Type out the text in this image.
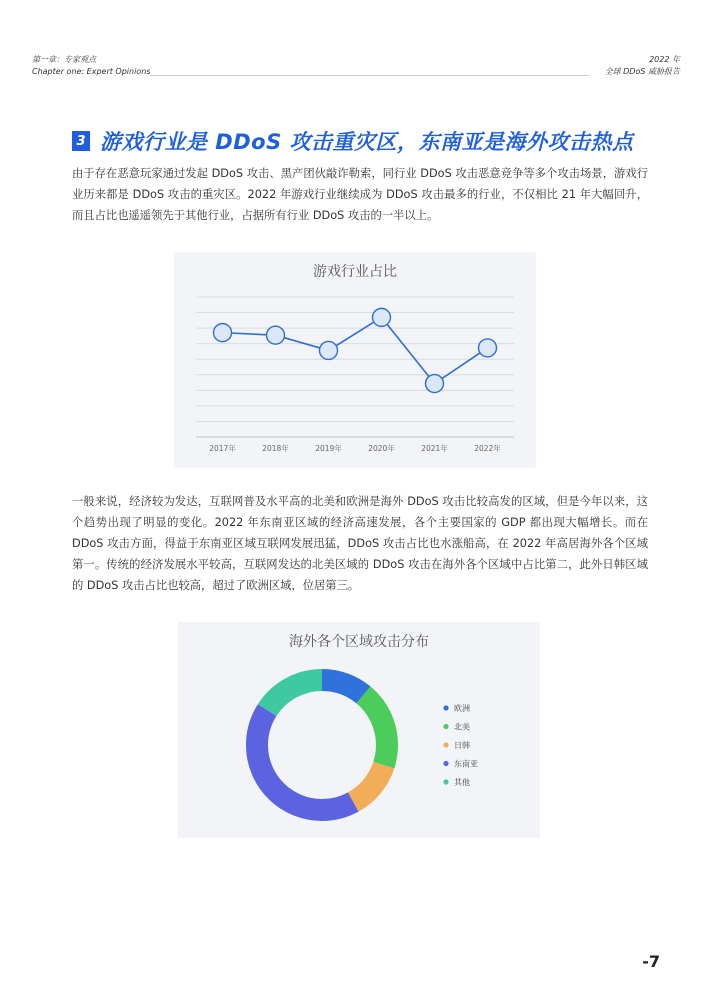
第一章：专家观点
Chapter one: Expert Opinions
2022 年
全球 DDoS 威胁报告
3 游戏行业是 DDoS 攻击重灾区，东南亚是海外攻击热点
由于存在恶意玩家通过发起 DDoS 攻击、黑产团伙敲诈勒索，同行业 DDoS 攻击恶意竞争等多个攻击场景，游戏行业历来都是 DDoS 攻击的重灾区。2022 年游戏行业继续成为 DDoS 攻击最多的行业，不仅相比 21 年大幅回升，而且占比也遥遥领先于其他行业，占据所有行业 DDoS 攻击的一半以上。
游戏行业占比
2017年	2018年	2019年	2020年	2021年	2022年
一般来说，经济较为发达，互联网普及水平高的北美和欧洲是海外 DDoS 攻击比较高发的区域，但是今年以来，这个趋势出现了明显的变化。2022 年东南亚区域的经济高速发展，各个主要国家的 GDP 都出现大幅增长。而在 DDoS 攻击方面，得益于东南亚区域互联网发展迅猛，DDoS 攻击占比也水涨船高，在 2022 年高居海外各个区域第一。传统的经济发展水平较高，互联网发达的北美区域的 DDoS 攻击在海外各个区域中占比第二，此外日韩区域的 DDoS 攻击占比也较高，超过了欧洲区域，位居第三。
海外各个区域攻击分布
欧洲
北美
日韩
东南亚
其他
-7
